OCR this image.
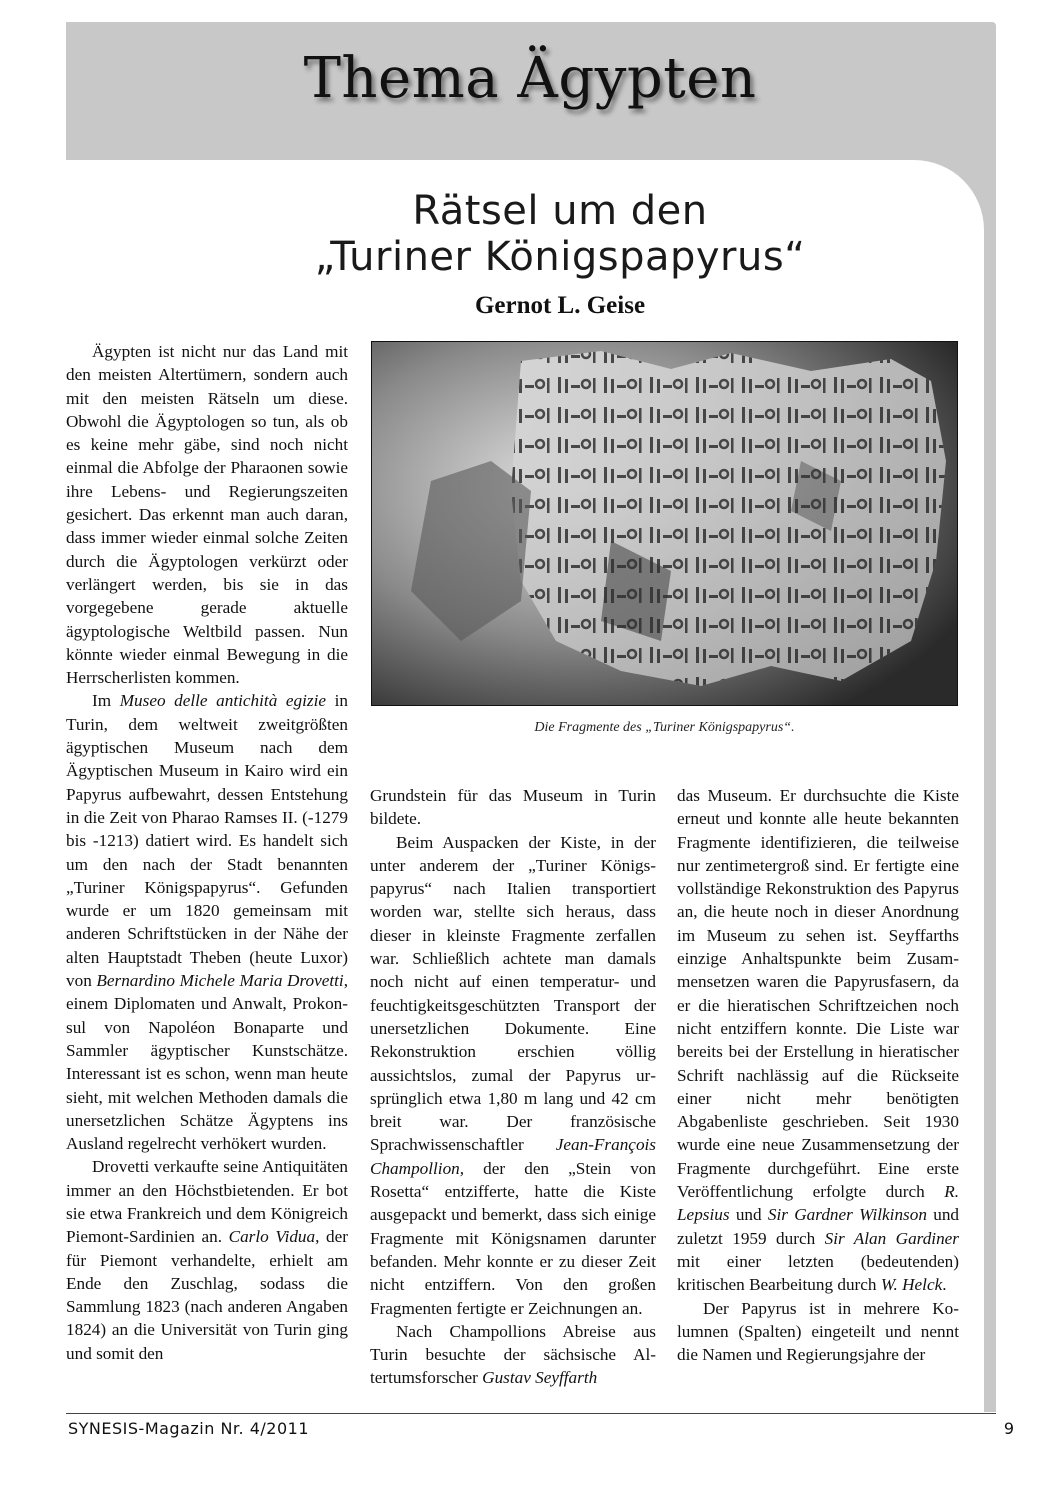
Thema Ägypten
Rätsel um den
„Turiner Königspapyrus“
Gernot L. Geise
Die Fragmente des „Turiner Königspapyrus“.

Ägypten ist nicht nur das Land mit den meisten Altertümern, sondern auch mit den meisten Rätseln um diese. Obwohl die Ägyptologen so tun, als ob es keine mehr gäbe, sind noch nicht einmal die Abfolge der Pharaonen sowie ihre Lebens- und Regierungszeiten gesichert. Das erkennt man auch daran, dass immer wieder einmal solche Zeiten durch die Ägyptologen verkürzt oder verlängert werden, bis sie in das vorgegebene gerade aktuelle ägyptologische Weltbild passen. Nun könnte wieder einmal Bewegung in die Herrscherlisten kommen.

Im Museo delle antichità egizie in Turin, dem weltweit zweitgrößten ägyptischen Museum nach dem Ägyptischen Museum in Kairo wird ein Papyrus aufbewahrt, dessen Entstehung in die Zeit von Pharao Ramses II. (-1279 bis -1213) datiert wird. Es handelt sich um den nach der Stadt benannten „Turiner Königspapyrus“. Gefunden wurde er um 1820 gemeinsam mit anderen Schriftstücken in der Nähe der alten Hauptstadt Theben (heute Luxor) von Bernardino Michele Maria Drovetti, einem Diplomaten und Anwalt, Prokonsul von Napoléon Bonaparte und Sammler ägyptischer Kunstschätze. Interessant ist es schon, wenn man heute sieht, mit welchen Methoden damals die unersetzlichen Schätze Ägyptens ins Ausland regelrecht verhökert wurden.

Drovetti verkaufte seine Antiquitäten immer an den Höchstbietenden. Er bot sie etwa Frankreich und dem Königreich Piemont-Sardinien an. Carlo Vidua, der für Piemont verhandelte, erhielt am Ende den Zuschlag, sodass die Sammlung 1823 (nach anderen Angaben 1824) an die Universität von Turin ging und somit den

Grundstein für das Museum in Turin bildete.

Beim Auspacken der Kiste, in der unter anderem der „Turiner Königspapyrus“ nach Italien transportiert worden war, stellte sich heraus, dass dieser in kleinste Fragmente zerfallen war. Schließlich achtete man damals noch nicht auf einen temperatur- und feuchtigkeitsgeschützten Transport der unersetzlichen Dokumente. Eine Rekonstruktion erschien völlig aussichtslos, zumal der Papyrus ursprünglich etwa 1,80 m lang und 42 cm breit war. Der französische Sprachwissenschaftler Jean-François Champollion, der den „Stein von Rosetta“ entzifferte, hatte die Kiste ausgepackt und bemerkt, dass sich einige Fragmente mit Königsnamen darunter befanden. Mehr konnte er zu dieser Zeit nicht entziffern. Von den großen Fragmenten fertigte er Zeichnungen an.

Nach Champollions Abreise aus Turin besuchte der sächsische Altertumsforscher Gustav Seyffarth

das Museum. Er durchsuchte die Kiste erneut und konnte alle heute bekannten Fragmente identifizieren, die teilweise nur zentimetergroß sind. Er fertigte eine vollständige Rekonstruktion des Papyrus an, die heute noch in dieser Anordnung im Museum zu sehen ist. Seyffarths einzige Anhaltspunkte beim Zusammensetzen waren die Papyrusfasern, da er die hieratischen Schriftzeichen noch nicht entziffern konnte. Die Liste war bereits bei der Erstellung in hieratischer Schrift nachlässig auf die Rückseite einer nicht mehr benötigten Abgabenliste geschrieben. Seit 1930 wurde eine neue Zusammensetzung der Fragmente durchgeführt. Eine erste Veröffentlichung erfolgte durch R. Lepsius und Sir Gardner Wilkinson und zuletzt 1959 durch Sir Alan Gardiner mit einer letzten (bedeutenden) kritischen Bearbeitung durch W. Helck.

Der Papyrus ist in mehrere Kolumnen (Spalten) eingeteilt und nennt die Namen und Regierungsjahre der

SYNESIS-Magazin Nr. 4/2011	9
